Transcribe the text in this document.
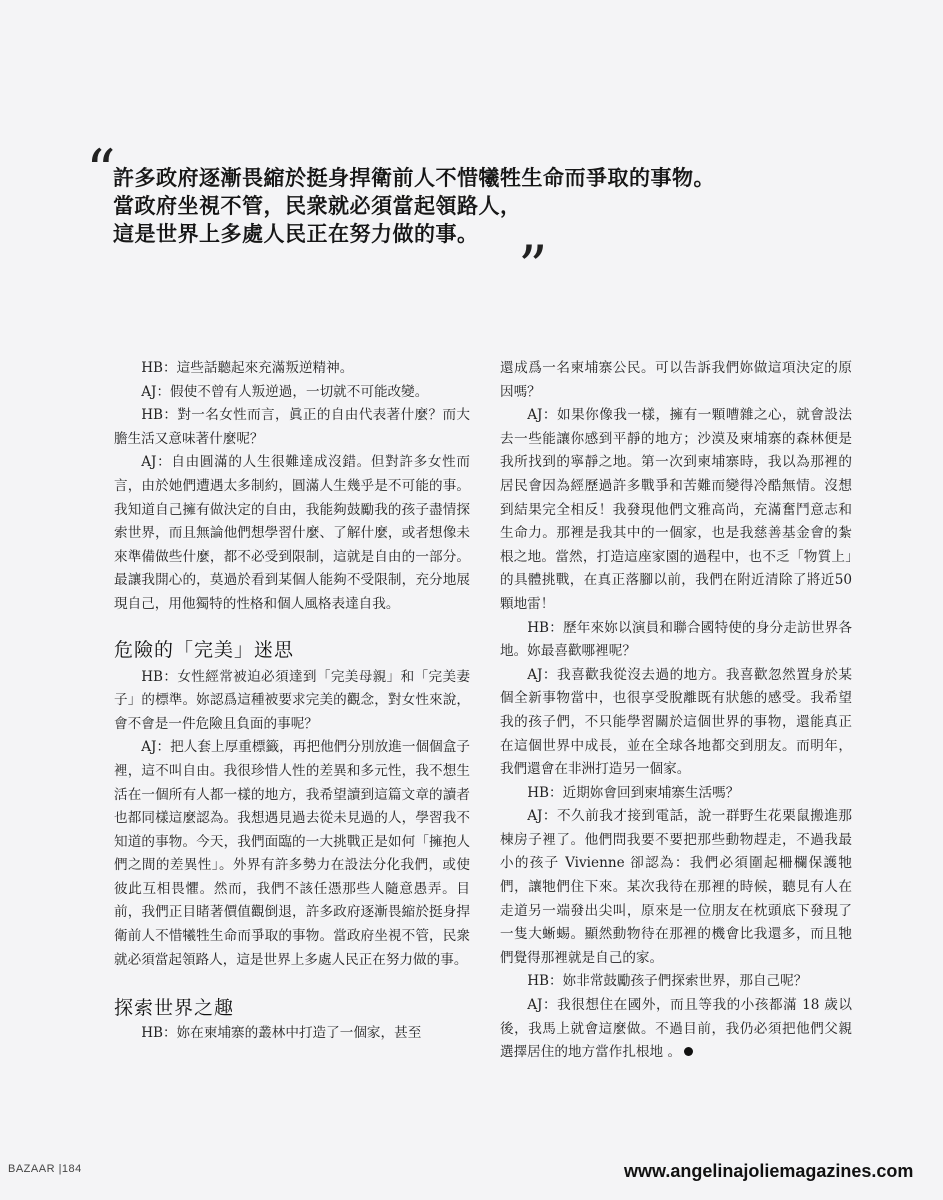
“
許多政府逐漸畏縮於挺身捍衛前人不惜犧牲生命而爭取的事物。
當政府坐視不管，民衆就必須當起領路人，
這是世界上多處人民正在努力做的事。 ”

HB：這些話聽起來充滿叛逆精神。

AJ：假使不曾有人叛逆過，一切就不可能改變。

HB：對一名女性而言，眞正的自由代表著什麼？而大膽生活又意味著什麼呢？

AJ：自由圓滿的人生很難達成沒錯。但對許多女性而言，由於她們遭遇太多制約，圓滿人生幾乎是不可能的事。我知道自己擁有做決定的自由，我能夠鼓勵我的孩子盡情探索世界，而且無論他們想學習什麼、了解什麼，或者想像未來準備做些什麼，都不必受到限制，這就是自由的一部分。最讓我開心的，莫過於看到某個人能夠不受限制，充分地展現自己，用他獨特的性格和個人風格表達自我。

危險的「完美」迷思

HB：女性經常被迫必須達到「完美母親」和「完美妻子」的標準。妳認爲這種被要求完美的觀念，對女性來說，會不會是一件危險且負面的事呢？

AJ：把人套上厚重標籤，再把他們分別放進一個個盒子裡，這不叫自由。我很珍惜人性的差異和多元性，我不想生活在一個所有人都一樣的地方，我希望讀到這篇文章的讀者也都同樣這麼認為。我想遇見過去從未見過的人，學習我不知道的事物。今天，我們面臨的一大挑戰正是如何「擁抱人們之間的差異性」。外界有許多勢力在設法分化我們，或使彼此互相畏懼。然而，我們不該任憑那些人隨意愚弄。目前，我們正目睹著價值觀倒退，許多政府逐漸畏縮於挺身捍衛前人不惜犧牲生命而爭取的事物。當政府坐視不管，民衆就必須當起領路人，這是世界上多處人民正在努力做的事。

探索世界之趣

HB：妳在柬埔寨的叢林中打造了一個家，甚至

還成爲一名柬埔寨公民。可以告訴我們妳做這項決定的原因嗎？

AJ：如果你像我一樣，擁有一顆嘈雜之心，就會設法去一些能讓你感到平靜的地方；沙漠及柬埔寨的森林便是我所找到的寧靜之地。第一次到柬埔寨時，我以為那裡的居民會因為經歷過許多戰爭和苦難而變得冷酷無情。沒想到結果完全相反！我發現他們文雅高尚，充滿奮鬥意志和生命力。那裡是我其中的一個家，也是我慈善基金會的紮根之地。當然，打造這座家園的過程中，也不乏「物質上」的具體挑戰，在真正落腳以前，我們在附近清除了將近50顆地雷！

HB：歷年來妳以演員和聯合國特使的身分走訪世界各地。妳最喜歡哪裡呢？

AJ：我喜歡我從沒去過的地方。我喜歡忽然置身於某個全新事物當中，也很享受脫離既有狀態的感受。我希望我的孩子們，不只能學習關於這個世界的事物，還能真正在這個世界中成長，並在全球各地都交到朋友。而明年，我們還會在非洲打造另一個家。

HB：近期妳會回到柬埔寨生活嗎？

AJ：不久前我才接到電話，說一群野生花栗鼠搬進那棟房子裡了。他們問我要不要把那些動物趕走，不過我最小的孩子 Vivienne 卻認為：我們必須圍起柵欄保護牠們，讓牠們住下來。某次我待在那裡的時候，聽見有人在走道另一端發出尖叫，原來是一位朋友在枕頭底下發現了一隻大蜥蜴。顯然動物待在那裡的機會比我還多，而且牠們覺得那裡就是自己的家。

HB：妳非常鼓勵孩子們探索世界，那自己呢？

AJ：我很想住在國外，而且等我的小孩都滿 18 歲以後，我馬上就會這麼做。不過目前，我仍必須把他們父親選擇居住的地方當作扎根地 。

BAZAAR |184	www.angelinajoliemagazines.com
